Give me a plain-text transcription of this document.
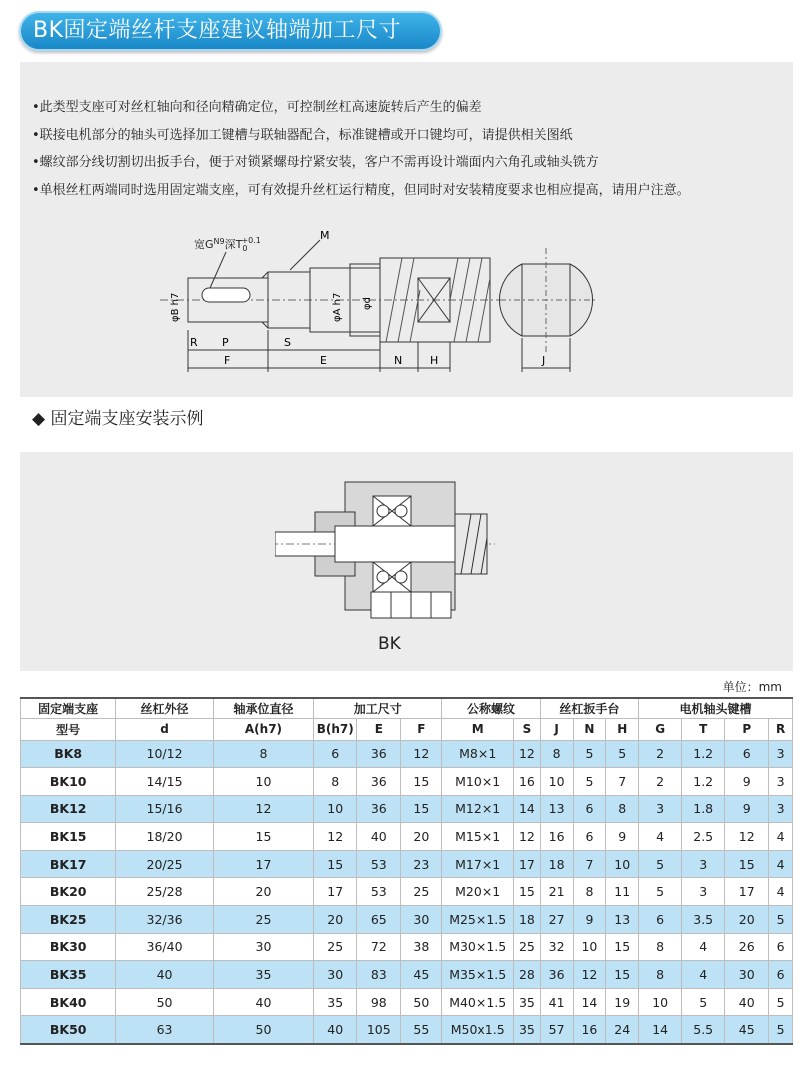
BK固定端丝杆支座建议轴端加工尺寸
•此类型支座可对丝杠轴向和径向精确定位，可控制丝杠高速旋转后产生的偏差
•联接电机部分的轴头可选择加工键槽与联轴器配合，标准键槽或开口键均可，请提供相关图纸
•螺纹部分线切割切出扳手台，便于对锁紧螺母拧紧安装，客户不需再设计端面内六角孔或轴头铣方
•单根丝杠两端同时选用固定端支座，可有效提升丝杠运行精度，但同时对安装精度要求也相应提高，请用户注意。
宽$G^{N9}$深$T_0+0.1$	M
φB h7	φA h7 φd
R P	S
F	E	N	H	J
◆ 固定端支座安装示例
BK
单位：mm
固定端支座	丝杠外径	轴承位直径	加工尺寸			公称螺纹		丝杠扳手台			电机轴头键槽			
型号	d	A(h7)	B(h7)	E	F	M	S	J	N	H	G	T	P	R
BK8	10/12	8	6	36	12	M8×1	12	8	5	5	2	1.2	6	3
BK10	14/15	10	8	36	15	M10×1	16	10	5	7	2	1.2	9	3
BK12	15/16	12	10	36	15	M12×1	14	13	6	8	3	1.8	9	3
BK15	18/20	15	12	40	20	M15×1	12	16	6	9	4	2.5	12	4
BK17	20/25	17	15	53	23	M17×1	17	18	7	10	5	3	15	4
BK20	25/28	20	17	53	25	M20×1	15	21	8	11	5	3	17	4
BK25	32/36	25	20	65	30	M25×1.5	18	27	9	13	6	3.5	20	5
BK30	36/40	30	25	72	38	M30×1.5	25	32	10	15	8	4	26	6
BK35	40	35	30	83	45	M35×1.5	28	36	12	15	8	4	30	6
BK40	50	40	35	98	50	M40×1.5	35	41	14	19	10	5	40	5
BK50	63	50	40	105	55	M50x1.5	35	57	16	24	14	5.5	45	5
